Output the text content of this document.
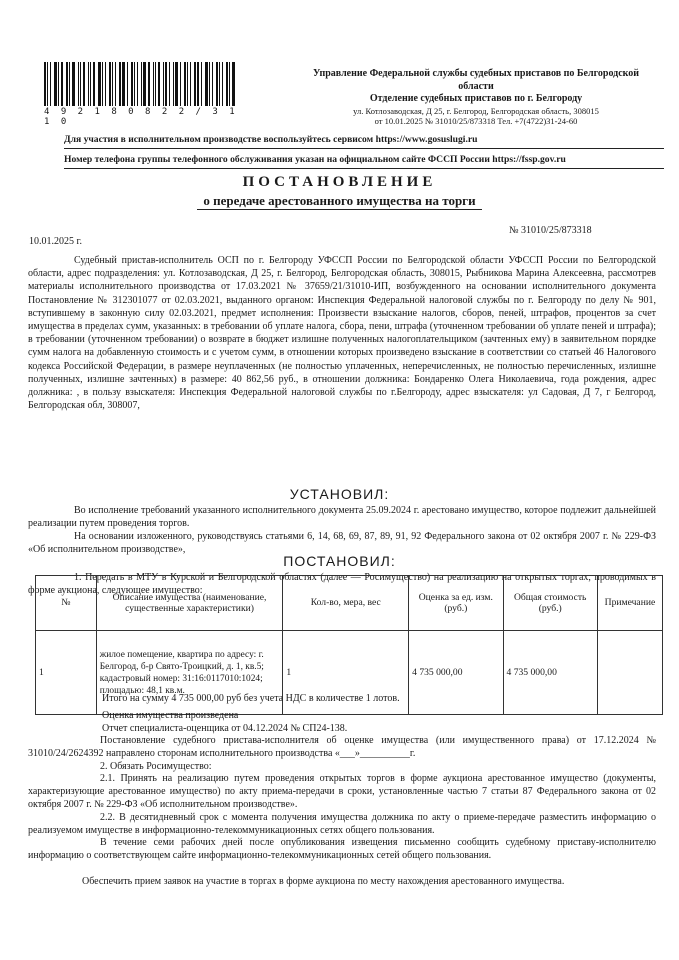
4 9 2 1 8 0 8 2 2 / 3 1 1 0
Управление Федеральной службы судебных приставов по Белгородской
области
Отделение судебных приставов по г. Белгороду
ул. Котлозаводская, Д 25, г. Белгород, Белгородская область, 308015
от 10.01.2025 № 31010/25/873318 Тел. +7(4722)31-24-60
Для участия в исполнительном производстве воспользуйтесь сервисом https://www.gosuslugi.ru
Номер телефона группы телефонного обслуживания указан на официальном сайте ФССП России https://fssp.gov.ru
ПОСТАНОВЛЕНИЕ
о передаче арестованного имущества на торги
№ 31010/25/873318
10.01.2025 г.
Судебный пристав-исполнитель ОСП по г. Белгороду УФССП России по Белгородской области УФССП России по Белгородской области, адрес подразделения: ул. Котлозаводская, Д 25, г. Белгород, Белгородская область, 308015, Рыбникова Марина Алексеевна, рассмотрев материалы исполнительного производства от 17.03.2021 № 37659/21/31010-ИП, возбужденного на основании исполнительного документа Постановление № 312301077 от 02.03.2021, выданного органом: Инспекция Федеральной налоговой службы по г. Белгороду по делу № 901, вступившему в законную силу 02.03.2021, предмет исполнения: Произвести взыскание налогов, сборов, пеней, штрафов, процентов за счет имущества в пределах сумм, указанных: в требовании об уплате налога, сбора, пени, штрафа (уточненном требовании об уплате пеней и штрафа); в требовании (уточненном требовании) о возврате в бюджет излишне полученных налогоплательщиком (зачтенных ему) в заявительном порядке сумм налога на добавленную стоимость и с учетом сумм, в отношении которых произведено взыскание в соответствии со статьей 46 Налогового кодекса Российской Федерации, в размере неуплаченных (не полностью уплаченных, неперечисленных, не полностью перечисленных, излишне полученных, излишне зачтенных) в размере: 40 862,56 руб., в отношении должника: Бондаренко Олега Николаевича, года рождения, адрес должника: , в пользу взыскателя: Инспекция Федеральной налоговой службы по г.Белгороду, адрес взыскателя: ул Садовая, Д 7, г Белгород, Белгородская обл, 308007,
УСТАНОВИЛ:
Во исполнение требований указанного исполнительного документа 25.09.2024 г. арестовано имущество, которое подлежит дальнейшей реализации путем проведения торгов.
На основании изложенного, руководствуясь статьями 6, 14, 68, 69, 87, 89, 91, 92 Федерального закона от 02 октября 2007 г. № 229-ФЗ «Об исполнительном производстве»,
ПОСТАНОВИЛ:
1. Передать в МТУ в Курской и Белгородской областях (далее — Росимущество) на реализацию на открытых торгах, проводимых в форме аукциона, следующее имущество:
№	Описание имущества (наименование, существенные характеристики)	Кол-во, мера, вес	Оценка за ед. изм. (руб.)	Общая стоимость (руб.)	Примечание
1	жилое помещение, квартира по адресу: г. Белгород, б-р Свято-Троицкий, д. 1, кв.5; кадастровый номер: 31:16:0117010:1024; площадью: 48,1 кв.м.	1	4 735 000,00	4 735 000,00	
Итого на сумму 4 735 000,00 руб без учета НДС в количестве 1 лотов.
Оценка имущества произведена
Отчет специалиста-оценщика от 04.12.2024 № СП24-138.
Постановление судебного пристава-исполнителя об оценке имущества (или имущественного права) от 17.12.2024 № 31010/24/2624392 направлено сторонам исполнительного производства «___»__________г.
2. Обязать Росимущество:
2.1. Принять на реализацию путем проведения открытых торгов в форме аукциона арестованное имущество (документы, характеризующие арестованное имущество) по акту приема-передачи в сроки, установленные частью 7 статьи 87 Федерального закона от 02 октября 2007 г. № 229-ФЗ «Об исполнительном производстве».
2.2. В десятидневный срок с момента получения имущества должника по акту о приеме-передаче разместить информацию о реализуемом имуществе в информационно-телекоммуникационных сетях общего пользования.
В течение семи рабочих дней после опубликования извещения письменно сообщить судебному приставу-исполнителю информацию о соответствующем сайте информационно-телекоммуникационных сетей общего пользования.
Обеспечить прием заявок на участие в торгах в форме аукциона по месту нахождения арестованного имущества.
